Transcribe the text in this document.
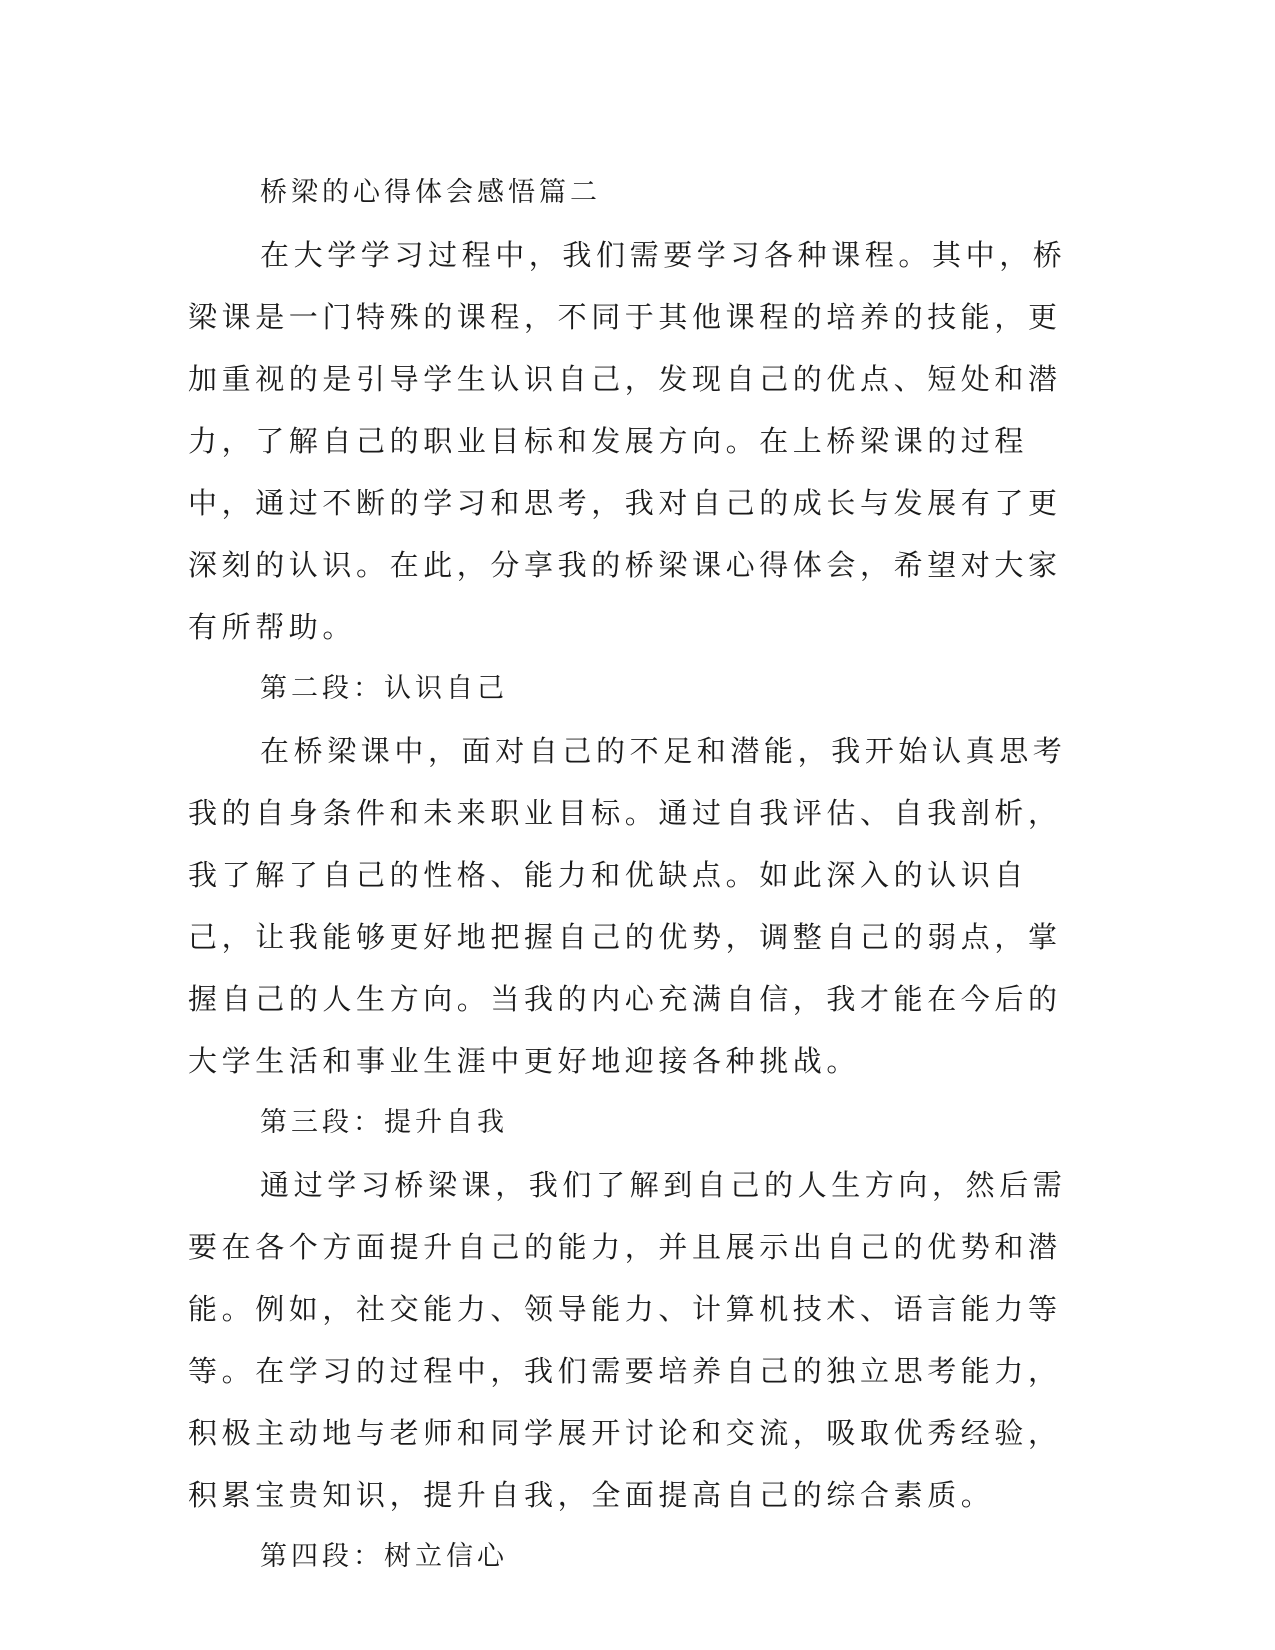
桥梁的心得体会感悟篇二

在大学学习过程中，我们需要学习各种课程。其中，桥梁课是一门特殊的课程，不同于其他课程的培养的技能，更加重视的是引导学生认识自己，发现自己的优点、短处和潜力，了解自己的职业目标和发展方向。在上桥梁课的过程中，通过不断的学习和思考，我对自己的成长与发展有了更深刻的认识。在此，分享我的桥梁课心得体会，希望对大家有所帮助。

第二段：认识自己

在桥梁课中，面对自己的不足和潜能，我开始认真思考我的自身条件和未来职业目标。通过自我评估、自我剖析，我了解了自己的性格、能力和优缺点。如此深入的认识自己，让我能够更好地把握自己的优势，调整自己的弱点，掌握自己的人生方向。当我的内心充满自信，我才能在今后的大学生活和事业生涯中更好地迎接各种挑战。

第三段：提升自我

通过学习桥梁课，我们了解到自己的人生方向，然后需要在各个方面提升自己的能力，并且展示出自己的优势和潜能。例如，社交能力、领导能力、计算机技术、语言能力等等。在学习的过程中，我们需要培养自己的独立思考能力，积极主动地与老师和同学展开讨论和交流，吸取优秀经验，积累宝贵知识，提升自我，全面提高自己的综合素质。

第四段：树立信心
